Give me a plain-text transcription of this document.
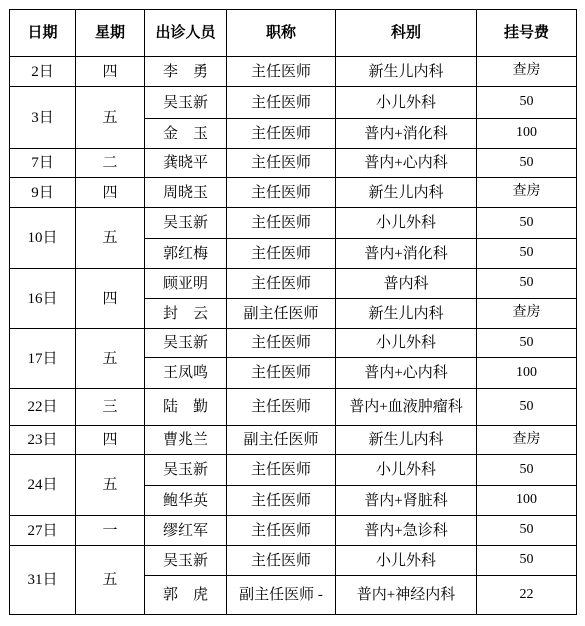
日期	星期	出诊人员	职称	科别	挂号费
2日	四	李　勇	主任医师	新生儿内科	查房
3日	五	吴玉新	主任医师	小儿外科	50
		金　玉	主任医师	普内+消化科	100
7日	二	龚晓平	主任医师	普内+心内科	50
9日	四	周晓玉	主任医师	新生儿内科	查房
10日	五	吴玉新	主任医师	小儿外科	50
		郭红梅	主任医师	普内+消化科	50
16日	四	顾亚明	主任医师	普内科	50
		封　云	副主任医师	新生儿内科	查房
17日	五	吴玉新	主任医师	小儿外科	50
		王凤鸣	主任医师	普内+心内科	100
22日	三	陆　勤	主任医师	普内+血液肿瘤科	50
23日	四	曹兆兰	副主任医师	新生儿内科	查房
24日	五	吴玉新	主任医师	小儿外科	50
		鲍华英	主任医师	普内+肾脏科	100
27日	一	缪红军	主任医师	普内+急诊科	50
31日	五	吴玉新	主任医师	小儿外科	50
		郭　虎	副主任医师 -	普内+神经内科	22
